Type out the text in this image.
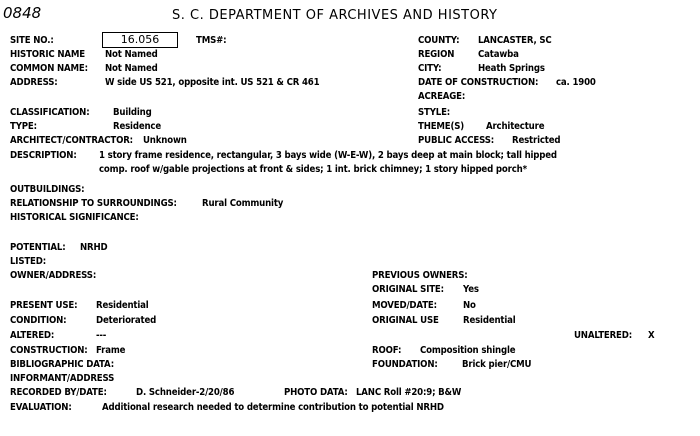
0848	S. C. DEPARTMENT OF ARCHIVES AND HISTORY
SITE NO.:	16.056	TMS#:	COUNTY: LANCASTER, SC
HISTORIC NAME Not Named	REGION Catawba
COMMON NAME: Not Named	CITY:	Heath Springs
ADDRESS:	W side US 521, opposite int. US 521 & CR 461	DATE OF CONSTRUCTION: ca. 1900
ACREAGE:
CLASSIFICATION: Building	STYLE:
TYPE:	Residence	THEME(S) Architecture
ARCHITECT/CONTRACTOR: Unknown	PUBLIC ACCESS: Restricted
DESCRIPTION: 1 story frame residence, rectangular, 3 bays wide (W-E-W), 2 bays deep at main block; tall hipped
comp. roof w/gable projections at front & sides; 1 int. brick chimney; 1 story hipped porch*
OUTBUILDINGS:
RELATIONSHIP TO SURROUNDINGS:	Rural Community
HISTORICAL SIGNIFICANCE:
POTENTIAL: NRHD
LISTED:
OWNER/ADDRESS:	PREVIOUS OWNERS:
ORIGINAL SITE: Yes
PRESENT USE: Residential	MOVED/DATE:	No
CONDITION:	Deteriorated	ORIGINAL USE Residential
ALTERED:	---	UNALTERED: X
CONSTRUCTION: Frame	ROOF: Composition shingle
BIBLIOGRAPHIC DATA:	FOUNDATION: Brick pier/CMU
INFORMANT/ADDRESS
RECORDED BY/DATE:	D. Schneider-2/20/86	PHOTO DATA: LANC Roll #20:9; B&W
EVALUATION:	Additional research needed to determine contribution to potential NRHD
